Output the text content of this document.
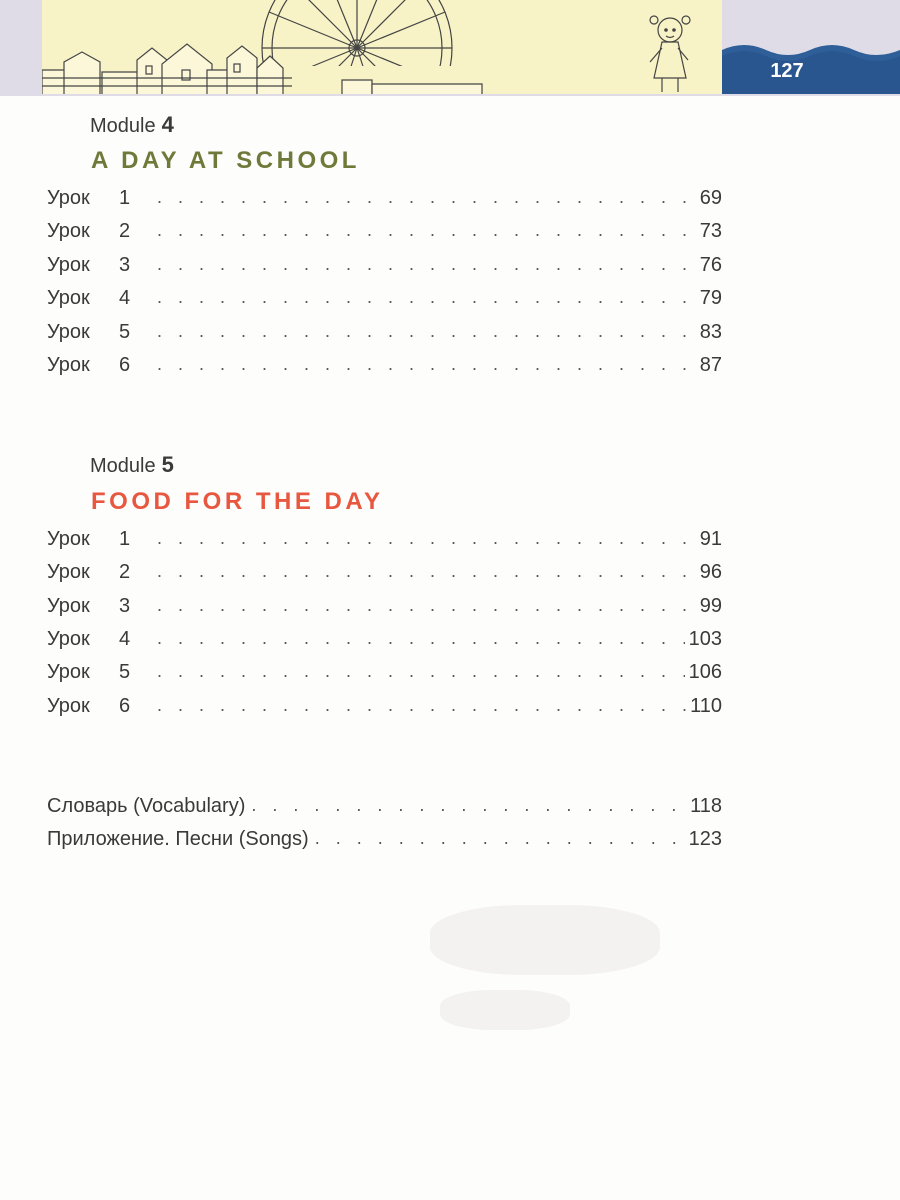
127
Module 4
A DAY AT SCHOOL
Урок 1 . . .	69
Урок 2 . . .	73
Урок 3 . . .	76
Урок 4 . . .	79
Урок 5 . . .	83
Урок 6 . . .	87
Module 5
FOOD FOR THE DAY
Урок 1 . . .	91
Урок 2 . . .	96
Урок 3 . . .	99
Урок 4 . . .	103
Урок 5 . . .	106
Урок 6 . . .	110
Словарь (Vocabulary) . . .	118
Приложение. Песни (Songs) . . .	123
